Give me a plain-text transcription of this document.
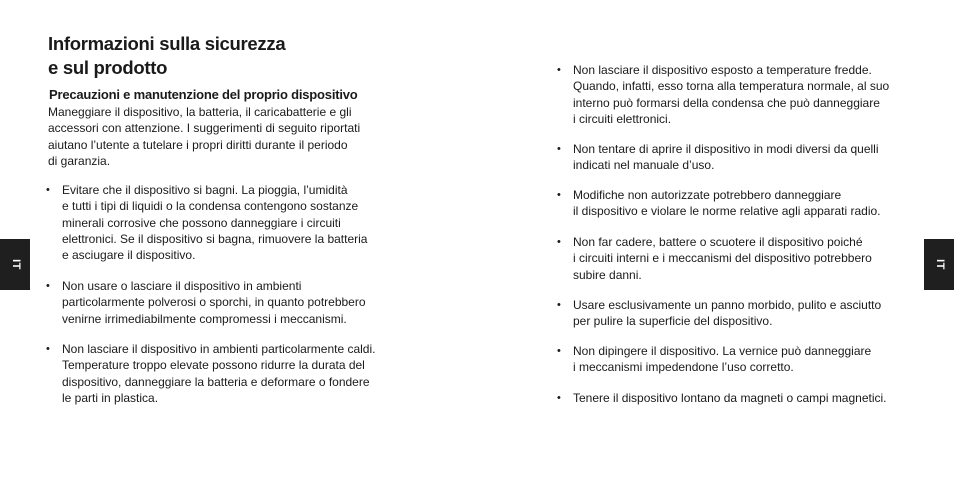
Informazioni sulla sicurezza
e sul prodotto
Precauzioni e manutenzione del proprio dispositivo
Maneggiare il dispositivo, la batteria, il caricabatterie e gli
accessori con attenzione. I suggerimenti di seguito riportati
aiutano l’utente a tutelare i propri diritti durante il periodo
di garanzia.
• Evitare che il dispositivo si bagni. La pioggia, l’umidità
e tutti i tipi di liquidi o la condensa contengono sostanze
minerali corrosive che possono danneggiare i circuiti
elettronici. Se il dispositivo si bagna, rimuovere la batteria
e asciugare il dispositivo.
• Non usare o lasciare il dispositivo in ambienti
particolarmente polverosi o sporchi, in quanto potrebbero
venirne irrimediabilmente compromessi i meccanismi.
• Non lasciare il dispositivo in ambienti particolarmente caldi.
Temperature troppo elevate possono ridurre la durata del
dispositivo, danneggiare la batteria e deformare o fondere
le parti in plastica.
• Non lasciare il dispositivo esposto a temperature fredde.
Quando, infatti, esso torna alla temperatura normale, al suo
interno può formarsi della condensa che può danneggiare
i circuiti elettronici.
• Non tentare di aprire il dispositivo in modi diversi da quelli
indicati nel manuale d’uso.
• Modifiche non autorizzate potrebbero danneggiare
il dispositivo e violare le norme relative agli apparati radio.
• Non far cadere, battere o scuotere il dispositivo poiché
i circuiti interni e i meccanismi del dispositivo potrebbero
subire danni.
• Usare esclusivamente un panno morbido, pulito e asciutto
per pulire la superficie del dispositivo.
• Non dipingere il dispositivo. La vernice può danneggiare
i meccanismi impedendone l’uso corretto.
• Tenere il dispositivo lontano da magneti o campi magnetici.
IT	IT
